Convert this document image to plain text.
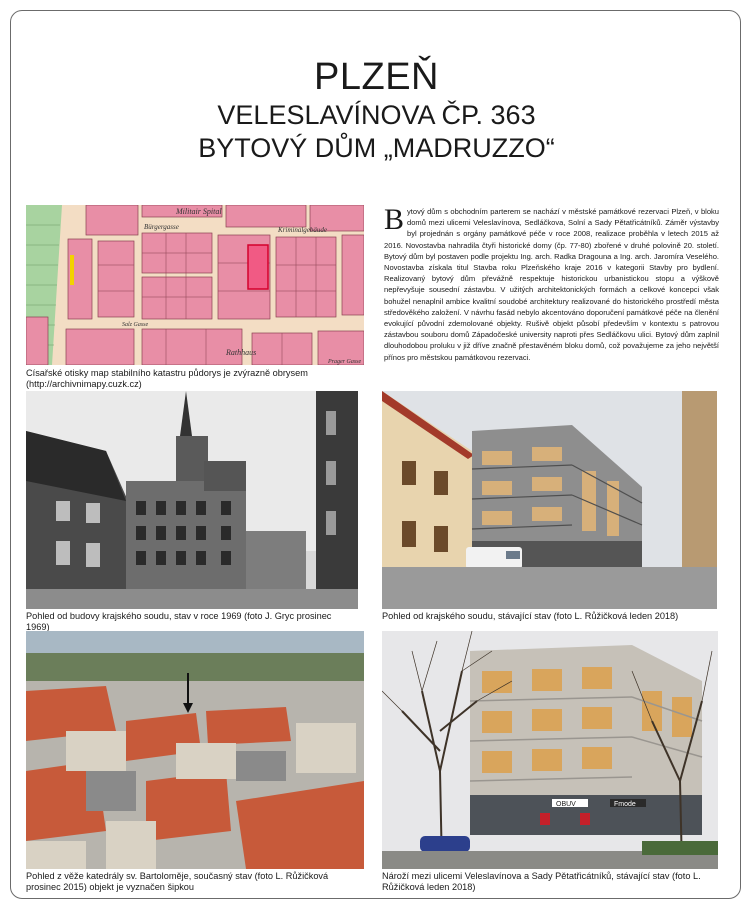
PLZEŇ
VELESLAVÍNOVA ČP. 363
BYTOVÝ DŮM „MADRUZZO“
Militair Spital
Bürgergasse	Kriminalgebäude
Salz Gasse
Rathhaus
Prager Gasse
Císařské otisky map stabilního katastru půdorys je zvýrazně obrysem (http://archivnimapy.cuzk.cz)
Bytový dům s obchodním parterem se nachází v městské památkové rezervaci Plzeň, v bloku domů mezi ulicemi Veleslavínova, Sedláčkova, Solní a Sady Pětatřicátníků. Záměr výstavby byl projednán s orgány památkové péče v roce 2008, realizace proběhla v letech 2015 až 2016. Novostavba nahradila čtyři historické domy (čp. 77-80) zbořené v druhé polovině 20. století. Bytový dům byl postaven podle projektu Ing. arch. Radka Dragouna a Ing. arch. Jaromíra Veselého. Novostavba získala titul Stavba roku Plzeňského kraje 2016 v kategorii Stavby pro bydlení. Realizovaný bytový dům převážně respektuje historickou urbanistickou stopu a výškově nepřevyšuje sousední zástavbu. V užitých architektonických formách a celkové koncepci však bohužel nenaplnil ambice kvalitní soudobé architektury realizované do historického prostředí města středověkého založení. V návrhu fasád nebylo akcentováno doporučení památkové péče na členění evokující původní zdemolované objekty. Rušivě objekt působí především v kontextu s patrovou zástavbou souboru domů Západočeské university naproti přes Sedláčkovu ulici. Bytový dům zaplnil dlouhodobou proluku v již dříve značně přestavěném bloku domů, což považujeme za jeho největší přínos pro městskou památkovou rezervaci.
Pohled od budovy krajského soudu, stav v roce 1969 (foto J. Gryc prosinec 1969)
Pohled od krajského soudu, stávající stav (foto L. Růžičková leden 2018)
Pohled z věže katedrály sv. Bartoloměje, současný stav (foto L. Růžičková prosinec 2015) objekt je vyznačen šipkou
OBUV	Fmode
Nároží mezi ulicemi Veleslavínova a Sady Pětatřicátníků, stávající stav (foto L. Růžičková leden 2018)
